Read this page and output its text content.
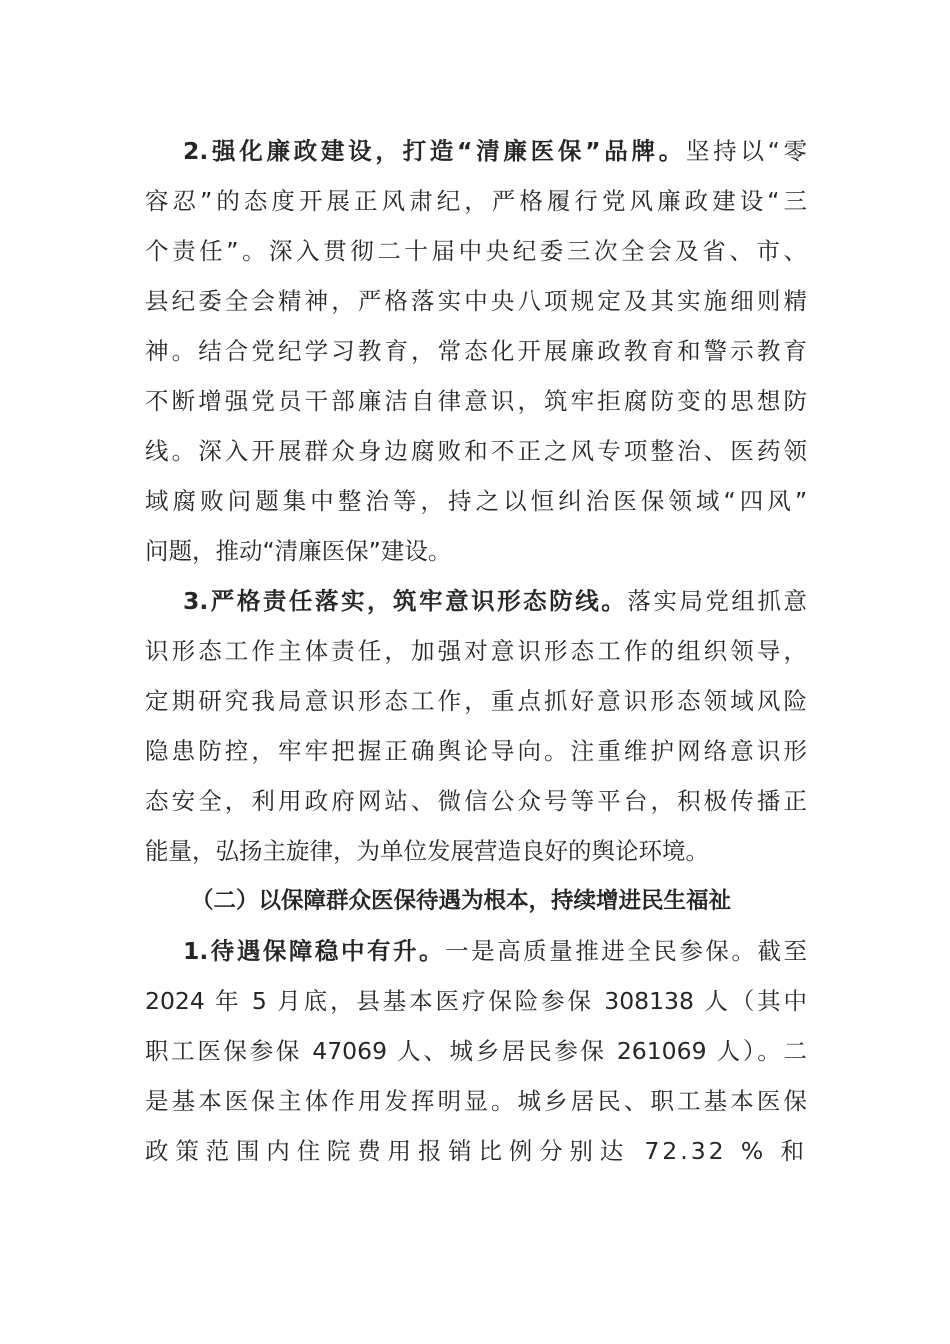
2.强化廉政建设，打造“清廉医保”品牌。坚持以“零
容忍”的态度开展正风肃纪，严格履行党风廉政建设“三
个责任”。深入贯彻二十届中央纪委三次全会及省、市、
县纪委全会精神，严格落实中央八项规定及其实施细则精
神。结合党纪学习教育，常态化开展廉政教育和警示教育
不断增强党员干部廉洁自律意识，筑牢拒腐防变的思想防
线。深入开展群众身边腐败和不正之风专项整治、医药领
域腐败问题集中整治等，持之以恒纠治医保领域“四风”
问题，推动“清廉医保”建设。
3.严格责任落实，筑牢意识形态防线。落实局党组抓意
识形态工作主体责任，加强对意识形态工作的组织领导，
定期研究我局意识形态工作，重点抓好意识形态领域风险
隐患防控，牢牢把握正确舆论导向。注重维护网络意识形
态安全，利用政府网站、微信公众号等平台，积极传播正
能量，弘扬主旋律，为单位发展营造良好的舆论环境。
（二）以保障群众医保待遇为根本，持续增进民生福祉
1.待遇保障稳中有升。一是高质量推进全民参保。截至
2024 年 5 月底，县基本医疗保险参保 308138 人（其中
职工医保参保 47069 人、城乡居民参保 261069 人）。二
是基本医保主体作用发挥明显。城乡居民、职工基本医保
政策范围内住院费用报销比例分别达 72.32 % 和
